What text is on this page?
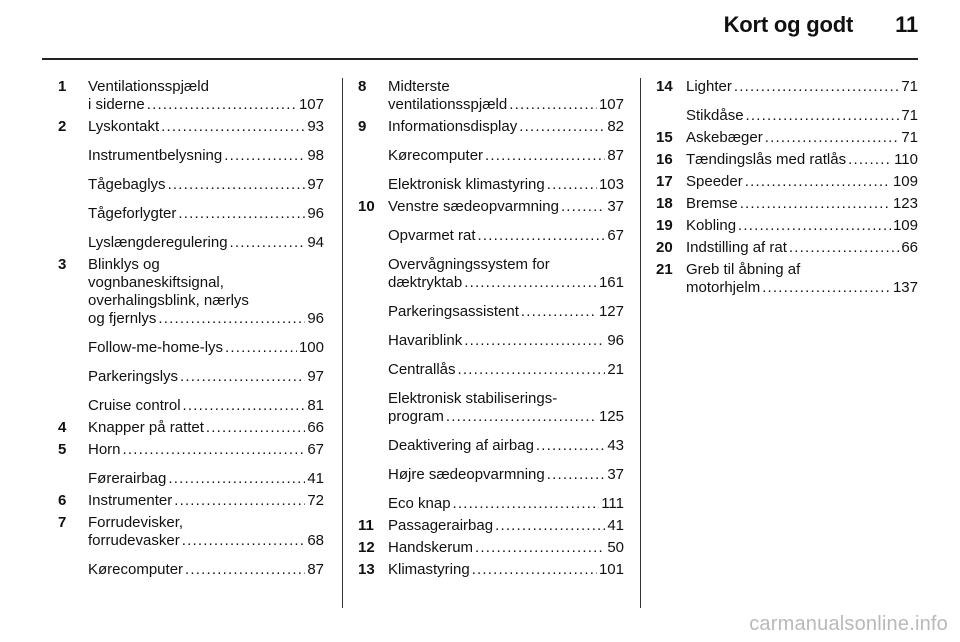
Kort og godt 11
1 Ventilationsspjæld
i siderne .....	107
2 Lyskontakt .....	93
Instrumentbelysning .....	98
Tågebaglys .....	97
Tågeforlygter .....	96
Lyslængderegulering .....	94
3 Blinklys og
vognbaneskiftsignal,
overhalingsblink, nærlys
og fjernlys .....	96
Follow-me-home-lys .....	100
Parkeringslys .....	97
Cruise control .....	81
4 Knapper på rattet .....	66
5 Horn .....	67
Førerairbag .....	41
6 Instrumenter .....	72
7 Forrudevisker,
forrudevasker .....	68
Kørecomputer .....	87
8 Midterste
ventilationsspjæld .....	107
9 Informationsdisplay .....	82
Kørecomputer .....	87
Elektronisk klimastyring .....	103
10 Venstre sædeopvarmning .....	37
Opvarmet rat .....	67
Overvågningssystem for
dæktryktab .....	161
Parkeringsassistent .....	127
Havariblink .....	96
Centrallås .....	21
Elektronisk stabiliserings-
program .....	125
Deaktivering af airbag .....	43
Højre sædeopvarmning .....	37
Eco knap .....	111
11 Passagerairbag .....	41
12 Handskerum .....	50
13 Klimastyring .....	101
14 Lighter .....	71
Stikdåse .....	71
15 Askebæger .....	71
16 Tændingslås med ratlås .....	110
17 Speeder .....	109
18 Bremse .....	123
19 Kobling .....	109
20 Indstilling af rat .....	66
21 Greb til åbning af
motorhjelm .....	137
carmanualsonline.info
